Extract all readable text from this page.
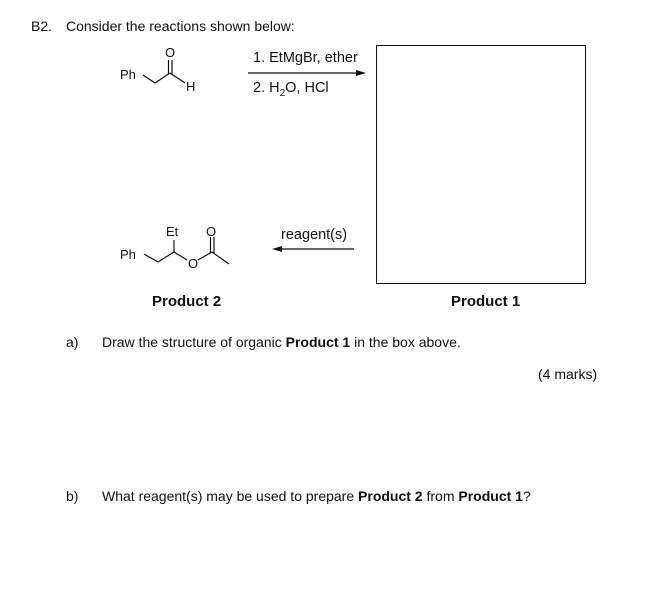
B2. Consider the reactions shown below:
Ph
O
H
1. EtMgBr, ether
2. $H_2O$, HCl
reagent(s)
Ph
Et O
O
Product 2	Product 1
a) Draw the structure of organic Product 1 in the box above.
(4 marks)
b) What reagent(s) may be used to prepare Product 2 from Product 1?
